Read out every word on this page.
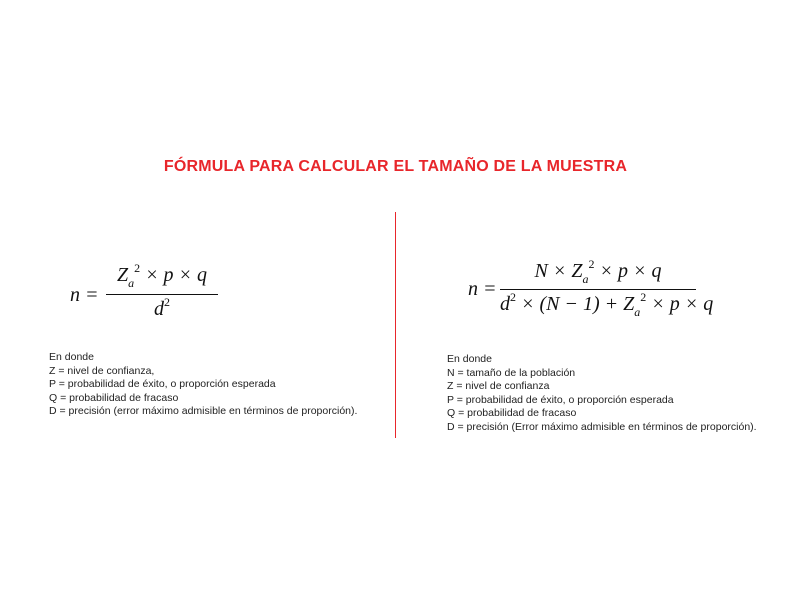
FÓRMULA PARA CALCULAR EL TAMAÑO DE LA MUESTRA
n =
$Z_a^2 \times p \times q$
$d^2$
n =
$N \times Z_a^2 \times p \times q$
$d^2 \times (N - 1) + Z_a^2 \times p \times q$
En donde
Z = nivel de confianza,
P = probabilidad de éxito, o proporción esperada
Q = probabilidad de fracaso
D = precisión (error máximo admisible en términos de proporción).
En donde
N = tamaño de la población
Z = nivel de confianza
P = probabilidad de éxito, o proporción esperada
Q = probabilidad de fracaso
D = precisión (Error máximo admisible en términos de proporción).
